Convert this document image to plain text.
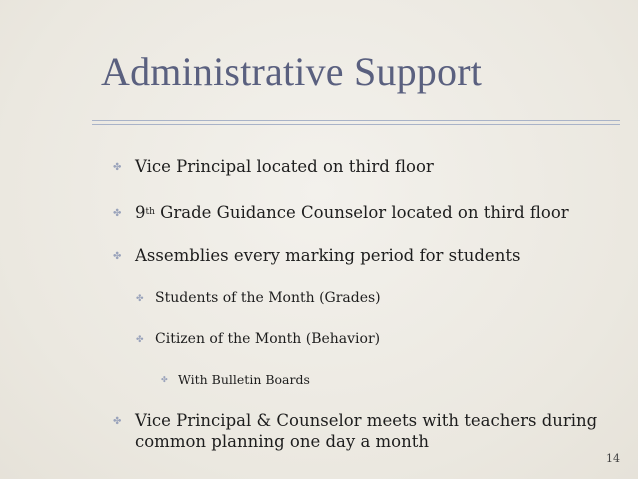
Administrative Support
✤ Vice Principal located on third floor
✤ 9th Grade Guidance Counselor located on third floor
✤ Assemblies every marking period for students
✤ Students of the Month (Grades)
✤ Citizen of the Month (Behavior)
✤ With Bulletin Boards
✤ Vice Principal & Counselor meets with teachers during
common planning one day a month
14
